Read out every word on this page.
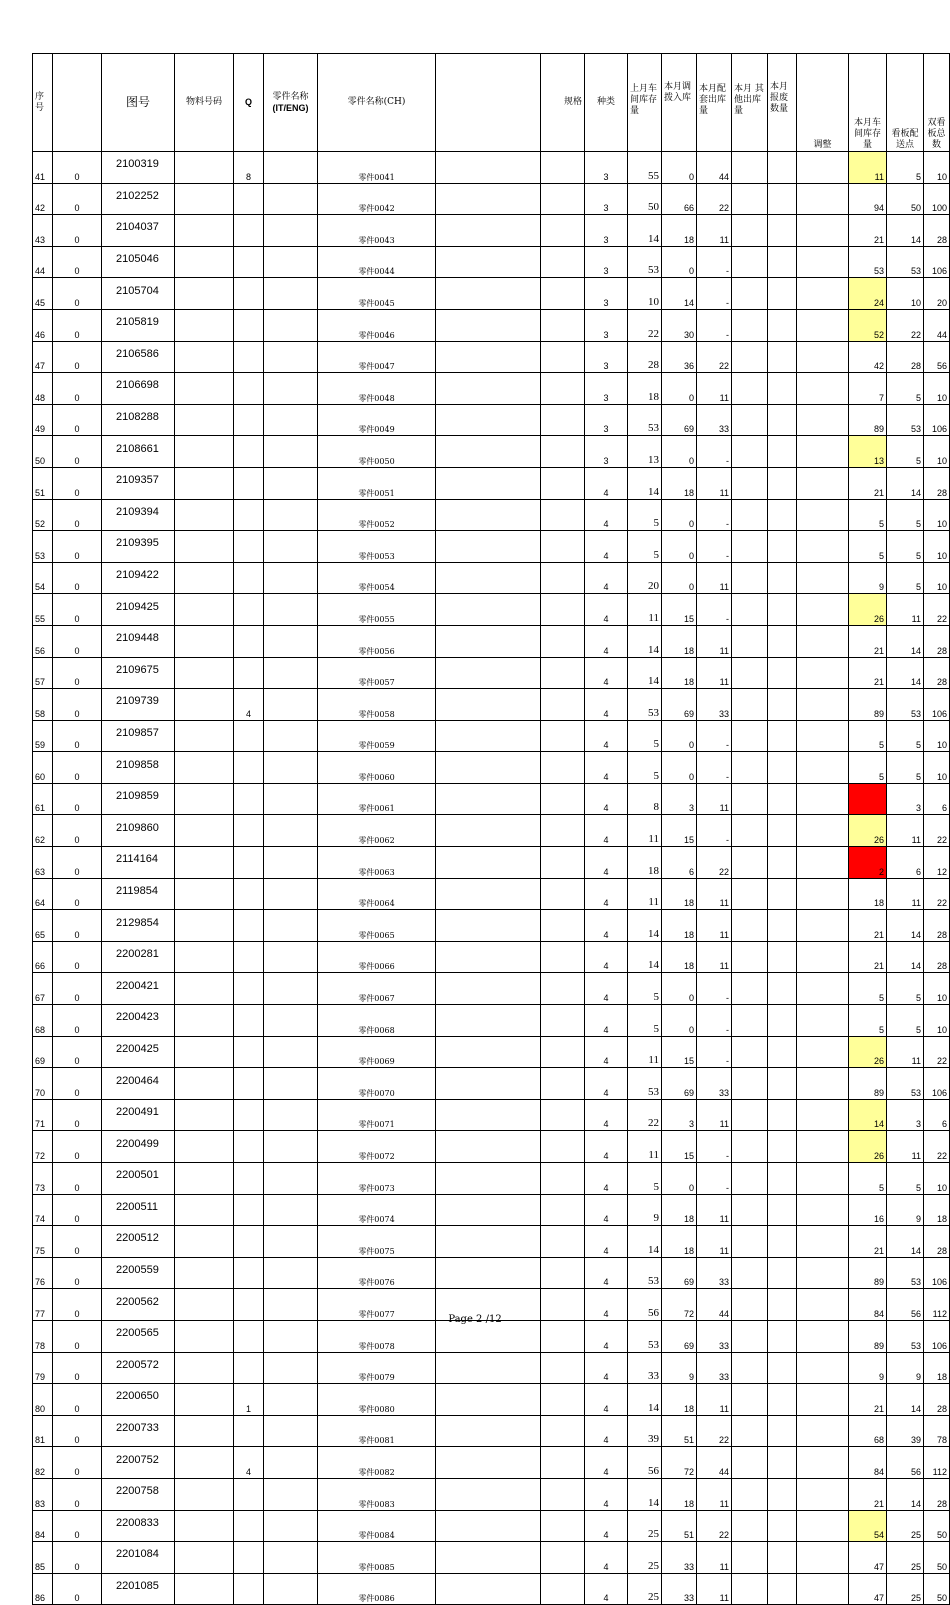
序号		图号	物料号码	Q	零件名称
(IT/ENG)	零件名称(CH)		规格	种类	上月车间库存量	本月调拨入库	本月配套出库量	本月 其他出库量	本月报废数量	调整	本月车间库存量	看板配送点	双看板总数
41	0	2100319		8		零件0041			3	55	0	44				11	5	10
42	0	2102252				零件0042			3	50	66	22				94	50	100
43	0	2104037				零件0043			3	14	18	11				21	14	28
44	0	2105046				零件0044			3	53	0	-				53	53	106
45	0	2105704				零件0045			3	10	14	-				24	10	20
46	0	2105819				零件0046			3	22	30	-				52	22	44
47	0	2106586				零件0047			3	28	36	22				42	28	56
48	0	2106698				零件0048			3	18	0	11				7	5	10
49	0	2108288				零件0049			3	53	69	33				89	53	106
50	0	2108661				零件0050			3	13	0	-				13	5	10
51	0	2109357				零件0051			4	14	18	11				21	14	28
52	0	2109394				零件0052			4	5	0	-				5	5	10
53	0	2109395				零件0053			4	5	0	-				5	5	10
54	0	2109422				零件0054			4	20	0	11				9	5	10
55	0	2109425				零件0055			4	11	15	-				26	11	22
56	0	2109448				零件0056			4	14	18	11				21	14	28
57	0	2109675				零件0057			4	14	18	11				21	14	28
58	0	2109739		4		零件0058			4	53	69	33				89	53	106
59	0	2109857				零件0059			4	5	0	-				5	5	10
60	0	2109858				零件0060			4	5	0	-				5	5	10
61	0	2109859				零件0061			4	8	3	11					3	6
62	0	2109860				零件0062			4	11	15	-				26	11	22
63	0	2114164				零件0063			4	18	6	22				2	6	12
64	0	2119854				零件0064			4	11	18	11				18	11	22
65	0	2129854				零件0065			4	14	18	11				21	14	28
66	0	2200281				零件0066			4	14	18	11				21	14	28
67	0	2200421				零件0067			4	5	0	-				5	5	10
68	0	2200423				零件0068			4	5	0	-				5	5	10
69	0	2200425				零件0069			4	11	15	-				26	11	22
70	0	2200464				零件0070			4	53	69	33				89	53	106
71	0	2200491				零件0071			4	22	3	11				14	3	6
72	0	2200499				零件0072			4	11	15	-				26	11	22
73	0	2200501				零件0073			4	5	0	-				5	5	10
74	0	2200511				零件0074			4	9	18	11				16	9	18
75	0	2200512				零件0075			4	14	18	11				21	14	28
76	0	2200559				零件0076			4	53	69	33				89	53	106
77	0	2200562				零件0077			4	56	72	44				84	56	112
78	0	2200565				零件0078			4	53	69	33				89	53	106
79	0	2200572				零件0079			4	33	9	33				9	9	18
80	0	2200650		1		零件0080			4	14	18	11				21	14	28
81	0	2200733				零件0081			4	39	51	22				68	39	78
82	0	2200752		4		零件0082			4	56	72	44				84	56	112
83	0	2200758				零件0083			4	14	18	11				21	14	28
84	0	2200833				零件0084			4	25	51	22				54	25	50
85	0	2201084				零件0085			4	25	33	11				47	25	50
86	0	2201085				零件0086			4	25	33	11				47	25	50
Page 2 /12
